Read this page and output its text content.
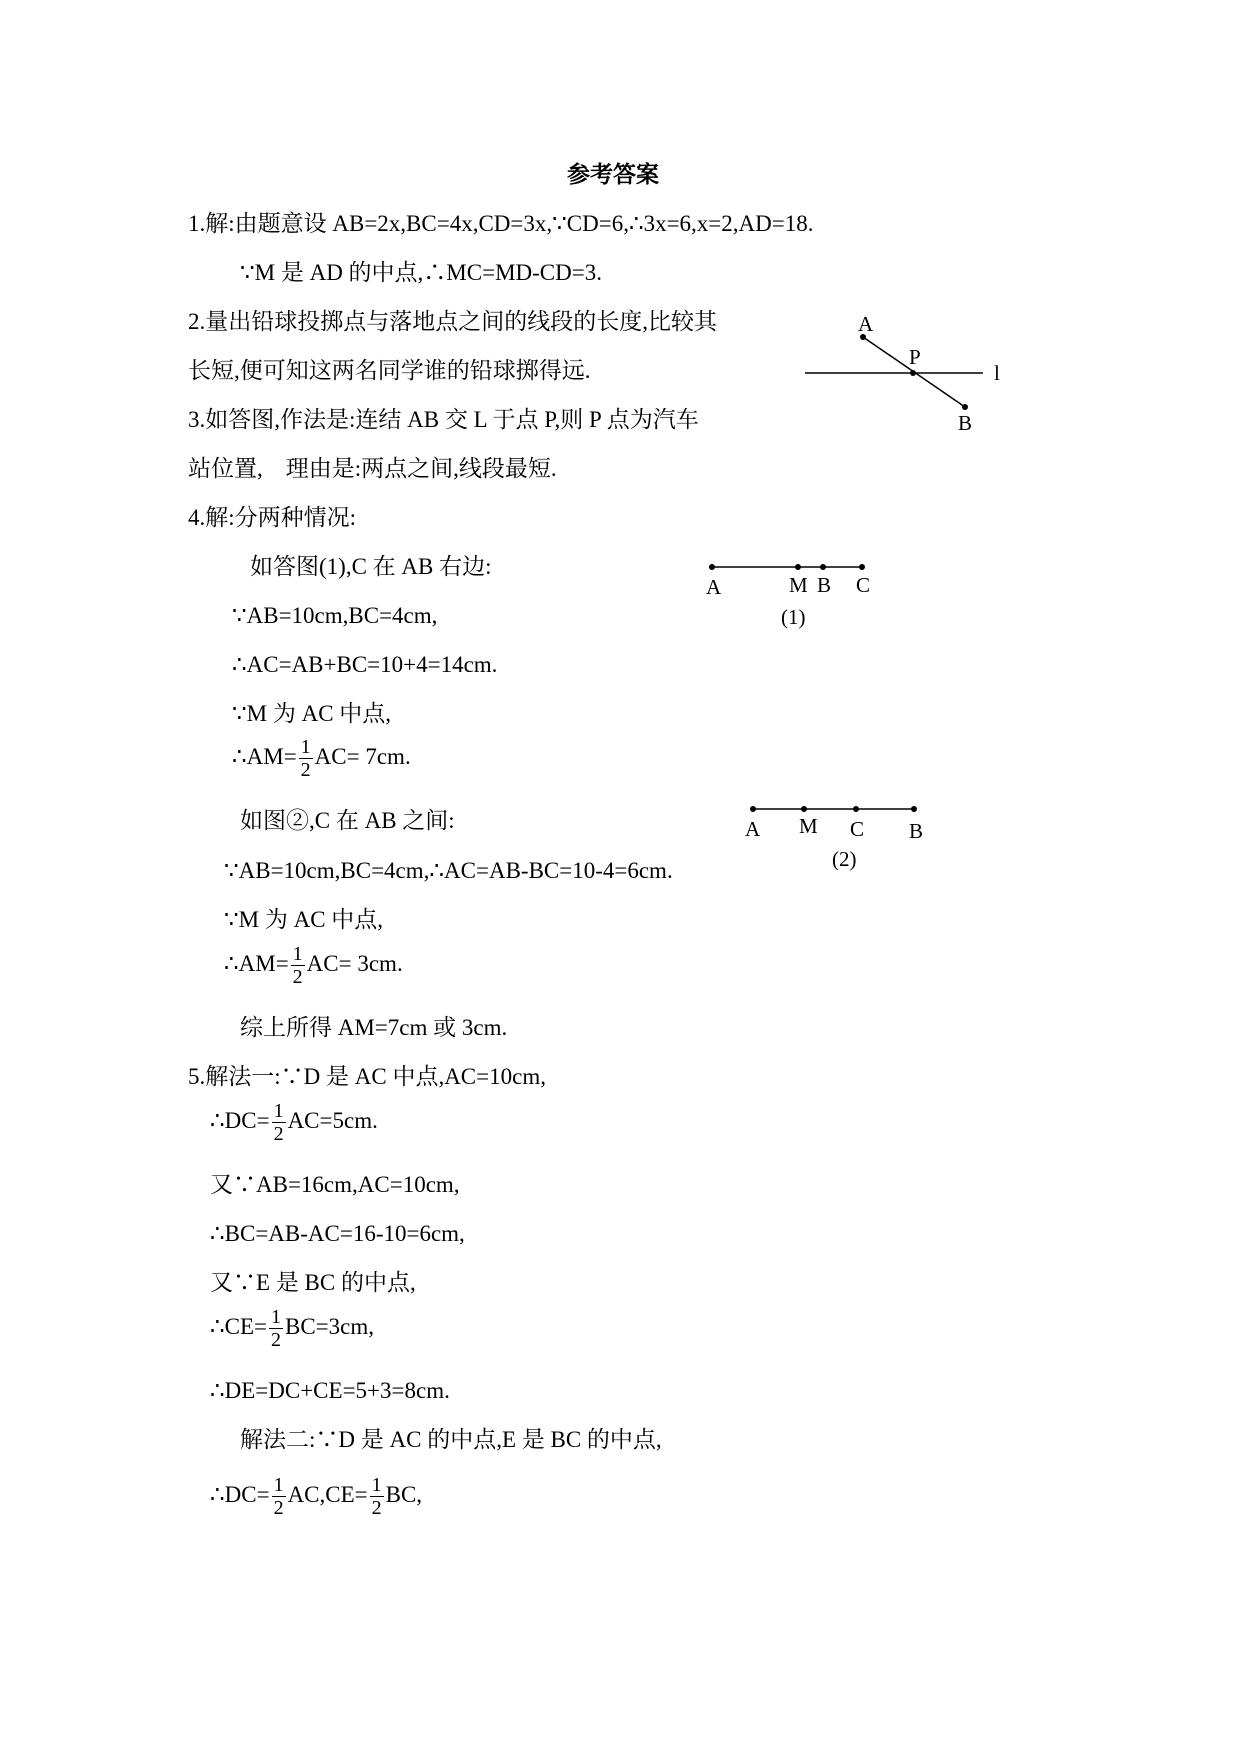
参考答案
1.解:由题意设 AB=2x,BC=4x,CD=3x,∵CD=6,∴3x=6,x=2,AD=18.
∵M 是 AD 的中点,∴MC=MD-CD=3.
2.量出铅球投掷点与落地点之间的线段的长度,比较其
长短,便可知这两名同学谁的铅球掷得远.
3.如答图,作法是:连结 AB 交 L 于点 P,则 P 点为汽车
站位置,　理由是:两点之间,线段最短.
4.解:分两种情况:
如答图(1),C 在 AB 右边:
∵AB=10cm,BC=4cm,
∴AC=AB+BC=10+4=14cm.
∵M 为 AC 中点,
∴AM= $\frac{1}{2} AC= 7cm$.
如图②,C 在 AB 之间:
∵AB=10cm,BC=4cm,∴AC=AB-BC=10-4=6cm.
∵M 为 AC 中点,
∴AM= $\frac{1}{2} AC= 3cm$.
综上所得 AM=7cm 或 3cm.
5.解法一:∵D 是 AC 中点,AC=10cm,
∴DC= $\frac{1}{2} AC=5cm$.
又∵AB=16cm,AC=10cm,
∴BC=AB-AC=16-10=6cm,
又∵E 是 BC 的中点,
∴CE= $\frac{1}{2} BC=3cm$,
∴DE=DC+CE=5+3=8cm.
解法二:∵D 是 AC 的中点,E 是 BC 的中点,
∴DC= $\frac{1}{2} AC,CE= \frac{1}{2}$ BC,
A
P
l
B
A	M B C
(1)
A M C B
(2)
